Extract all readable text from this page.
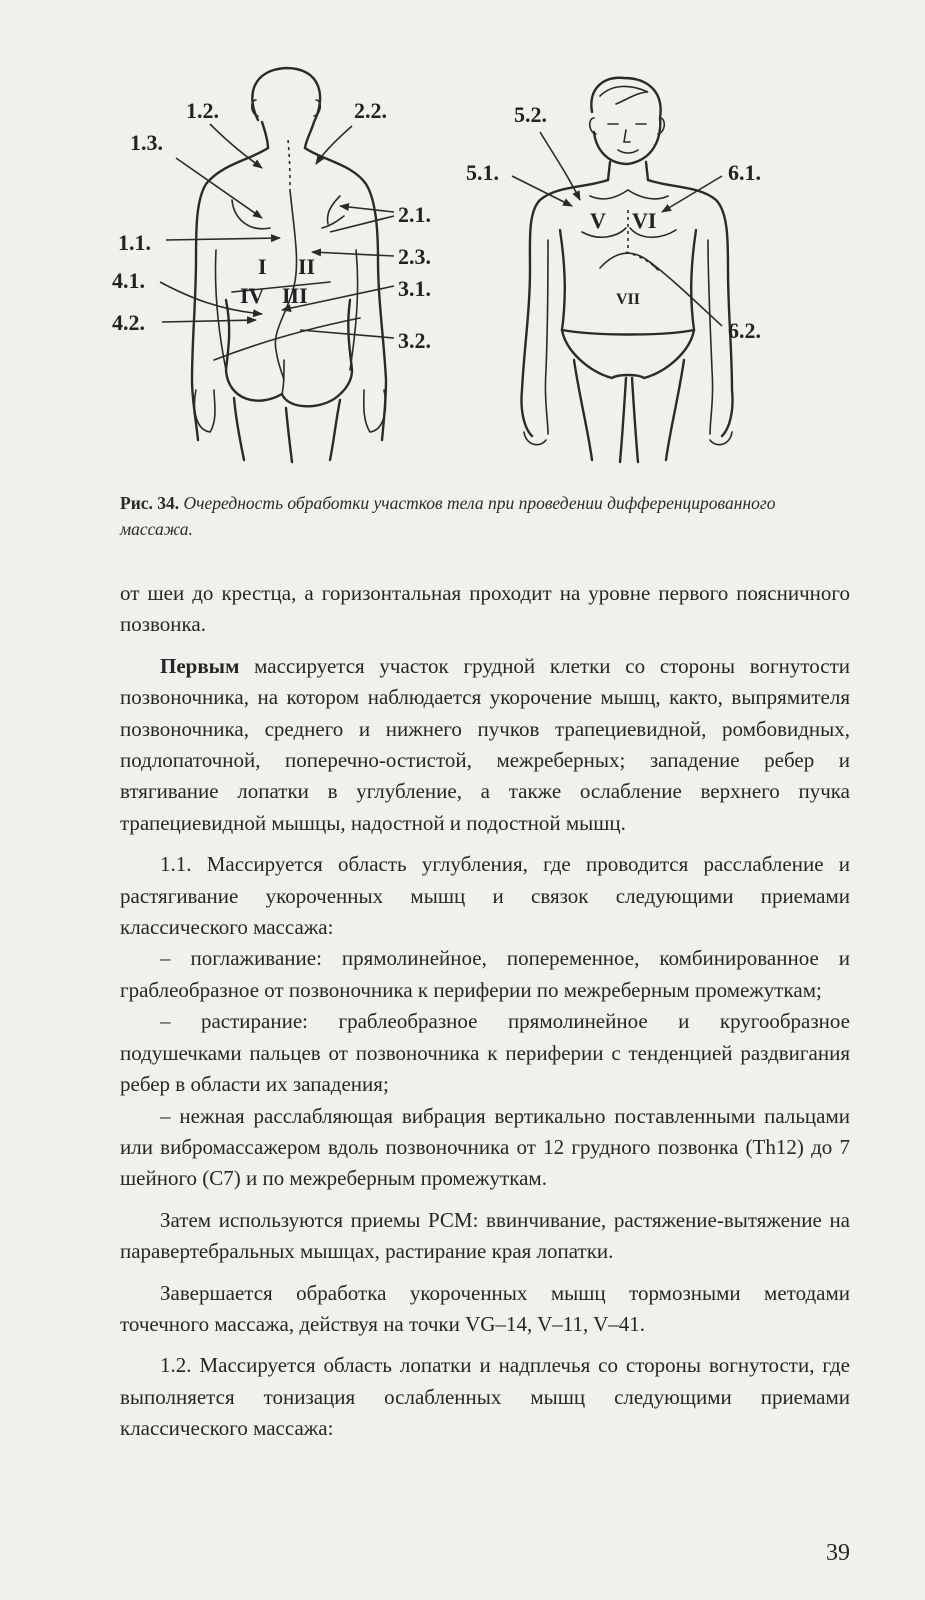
I II
IV III
1.2.
1.3.
2.2.
2.1.
1.1.
2.3.
4.1.	3.1.
4.2.
3.2.
V VI
VII
5.2.
5.1.	6.1.
6.2.
Рис. 34. Очередность обработки участков тела при проведении дифференцированного массажа.

от шеи до крестца, а горизонтальная проходит на уровне первого поясничного позвонка.

Первым массируется участок грудной клетки со стороны вогнутости позвоночника, на котором наблюдается укорочение мышц, както, выпрямителя позвоночника, среднего и нижнего пучков трапециевидной, ромбовидных, подлопаточной, поперечно-остистой, межреберных; западение ребер и втягивание лопатки в углубление, а также ослабление верхнего пучка трапециевидной мышцы, надостной и подостной мышц.

1.1. Массируется область углубления, где проводится расслабление и растягивание укороченных мышц и связок следующими приемами классического массажа:

– поглаживание: прямолинейное, попеременное, комбинированное и граблеобразное от позвоночника к периферии по межреберным промежуткам;

– растирание: граблеобразное прямолинейное и кругообразное подушечками пальцев от позвоночника к периферии с тенденцией раздвигания ребер в области их западения;

– нежная расслабляющая вибрация вертикально поставленными пальцами или вибромассажером вдоль позвоночника от 12 грудного позвонка (Th12) до 7 шейного (С7) и по межреберным промежуткам.

Затем используются приемы РСМ: ввинчивание, растяжение-вытяжение на паравертебральных мышцах, растирание края лопатки.

Завершается обработка укороченных мышц тормозными методами точечного массажа, действуя на точки VG–14, V–11, V–41.

1.2. Массируется область лопатки и надплечья со стороны вогнутости, где выполняется тонизация ослабленных мышц следующими приемами классического массажа:

39
